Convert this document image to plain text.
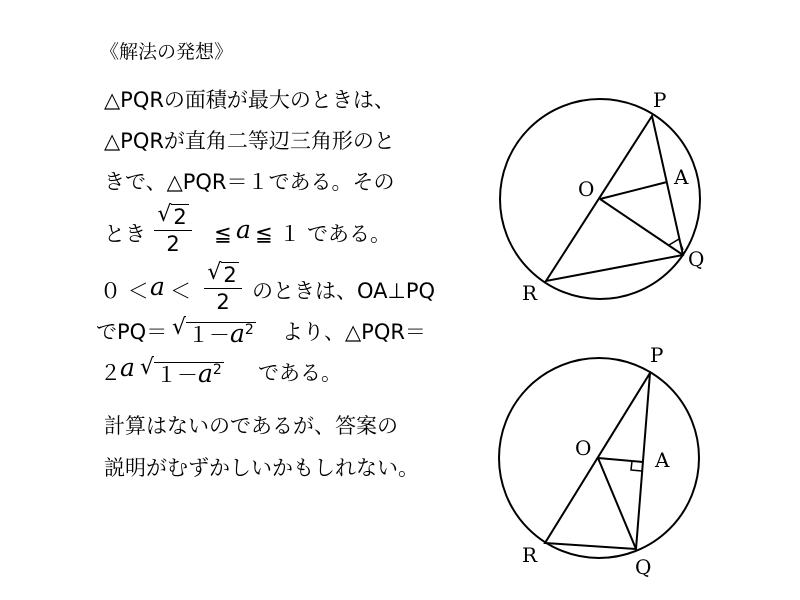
《解法の発想》
△PQRの面積が最大のときは、
△PQRが直角二等辺三角形のと
きで、△PQR＝１である。その
とき
√ 2
2	≦ a ≦ １ である。
０ ＜ a ＜
√ 2
2	のときは、OA⊥PQ
でPQ＝ √ $1-a^2$ より、△PQR＝
２ a √ $1-a^2$ である。
計算はないのであるが、答案の
説明がむずかしいかもしれない。
P
A
O
Q
R
P
A
O
Q
R
